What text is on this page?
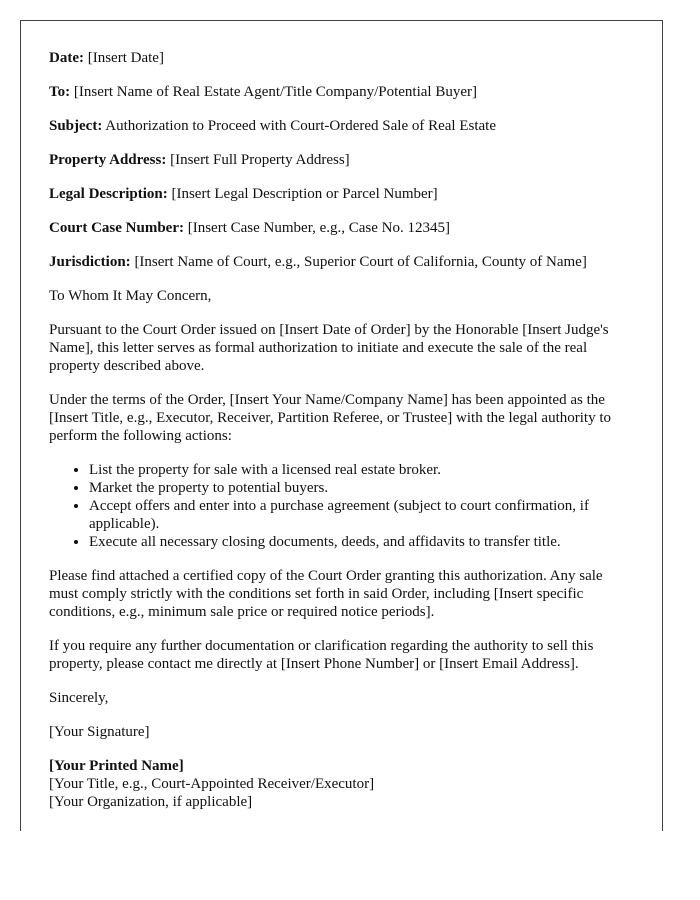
Date: [Insert Date]

To: [Insert Name of Real Estate Agent/Title Company/Potential Buyer]

Subject: Authorization to Proceed with Court-Ordered Sale of Real Estate

Property Address: [Insert Full Property Address]

Legal Description: [Insert Legal Description or Parcel Number]

Court Case Number: [Insert Case Number, e.g., Case No. 12345]

Jurisdiction: [Insert Name of Court, e.g., Superior Court of California, County of Name]

To Whom It May Concern,

Pursuant to the Court Order issued on [Insert Date of Order] by the Honorable [Insert Judge's Name], this letter serves as formal authorization to initiate and execute the sale of the real property described above.

Under the terms of the Order, [Insert Your Name/Company Name] has been appointed as the [Insert Title, e.g., Executor, Receiver, Partition Referee, or Trustee] with the legal authority to perform the following actions:

• List the property for sale with a licensed real estate broker.
• Market the property to potential buyers.
• Accept offers and enter into a purchase agreement (subject to court confirmation, if applicable).
• Execute all necessary closing documents, deeds, and affidavits to transfer title.

Please find attached a certified copy of the Court Order granting this authorization. Any sale must comply strictly with the conditions set forth in said Order, including [Insert specific conditions, e.g., minimum sale price or required notice periods].

If you require any further documentation or clarification regarding the authority to sell this property, please contact me directly at [Insert Phone Number] or [Insert Email Address].

Sincerely,

[Your Signature]

[Your Printed Name]

[Your Title, e.g., Court-Appointed Receiver/Executor]

[Your Organization, if applicable]
